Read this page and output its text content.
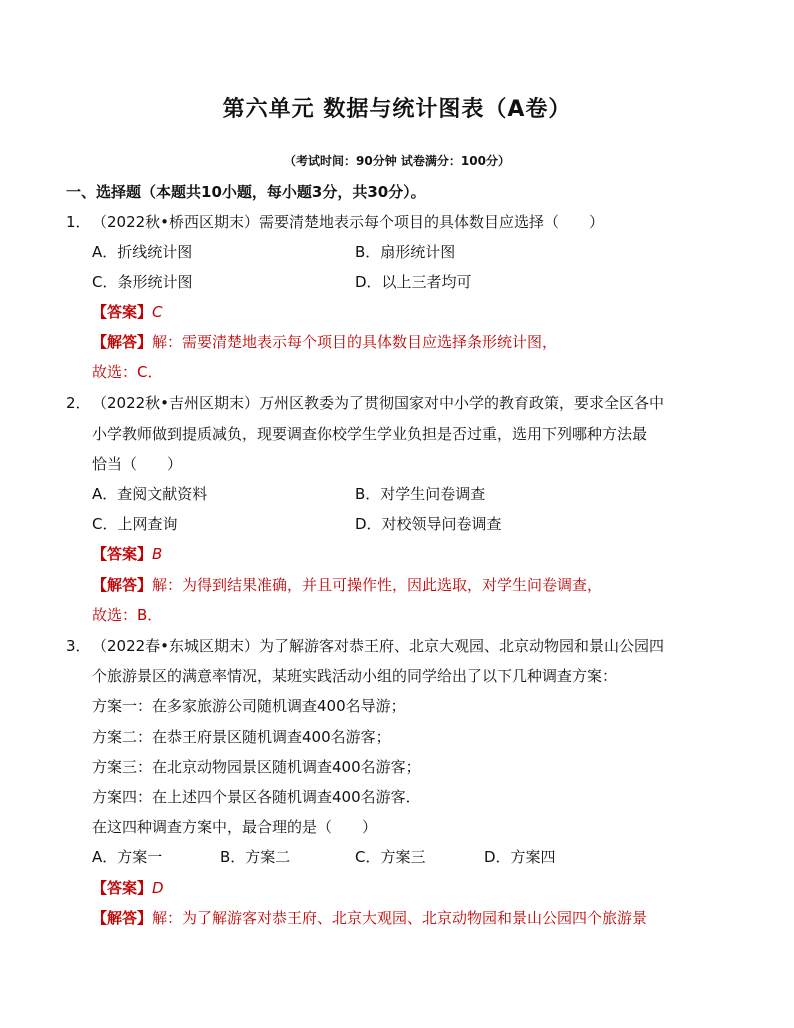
第六单元 数据与统计图表（A卷）
（考试时间：90分钟 试卷满分：100分）
一、选择题（本题共10小题，每小题3分，共30分）。
1． （2022秋•桥西区期末）需要清楚地表示每个项目的具体数目应选择（　　）
A．折线统计图	B．扇形统计图
C．条形统计图	D．以上三者均可
【答案】C
【解答】解：需要清楚地表示每个项目的具体数目应选择条形统计图，
故选：C．
2． （2022秋•吉州区期末）万州区教委为了贯彻国家对中小学的教育政策，要求全区各中
小学教师做到提质减负，现要调查你校学生学业负担是否过重，选用下列哪种方法最
恰当（　　）
A．查阅文献资料	B．对学生问卷调查
C．上网查询	D．对校领导问卷调查
【答案】B
【解答】解：为得到结果准确，并且可操作性，因此选取，对学生问卷调查，
故选：B．
3． （2022春•东城区期末）为了解游客对恭王府、北京大观园、北京动物园和景山公园四
个旅游景区的满意率情况，某班实践活动小组的同学给出了以下几种调查方案：
方案一：在多家旅游公司随机调查400名导游；
方案二：在恭王府景区随机调查400名游客；
方案三：在北京动物园景区随机调查400名游客；
方案四：在上述四个景区各随机调查400名游客．
在这四种调查方案中，最合理的是（　　）
A．方案一	B．方案二	C．方案三	D．方案四
【答案】D
【解答】解：为了解游客对恭王府、北京大观园、北京动物园和景山公园四个旅游景
